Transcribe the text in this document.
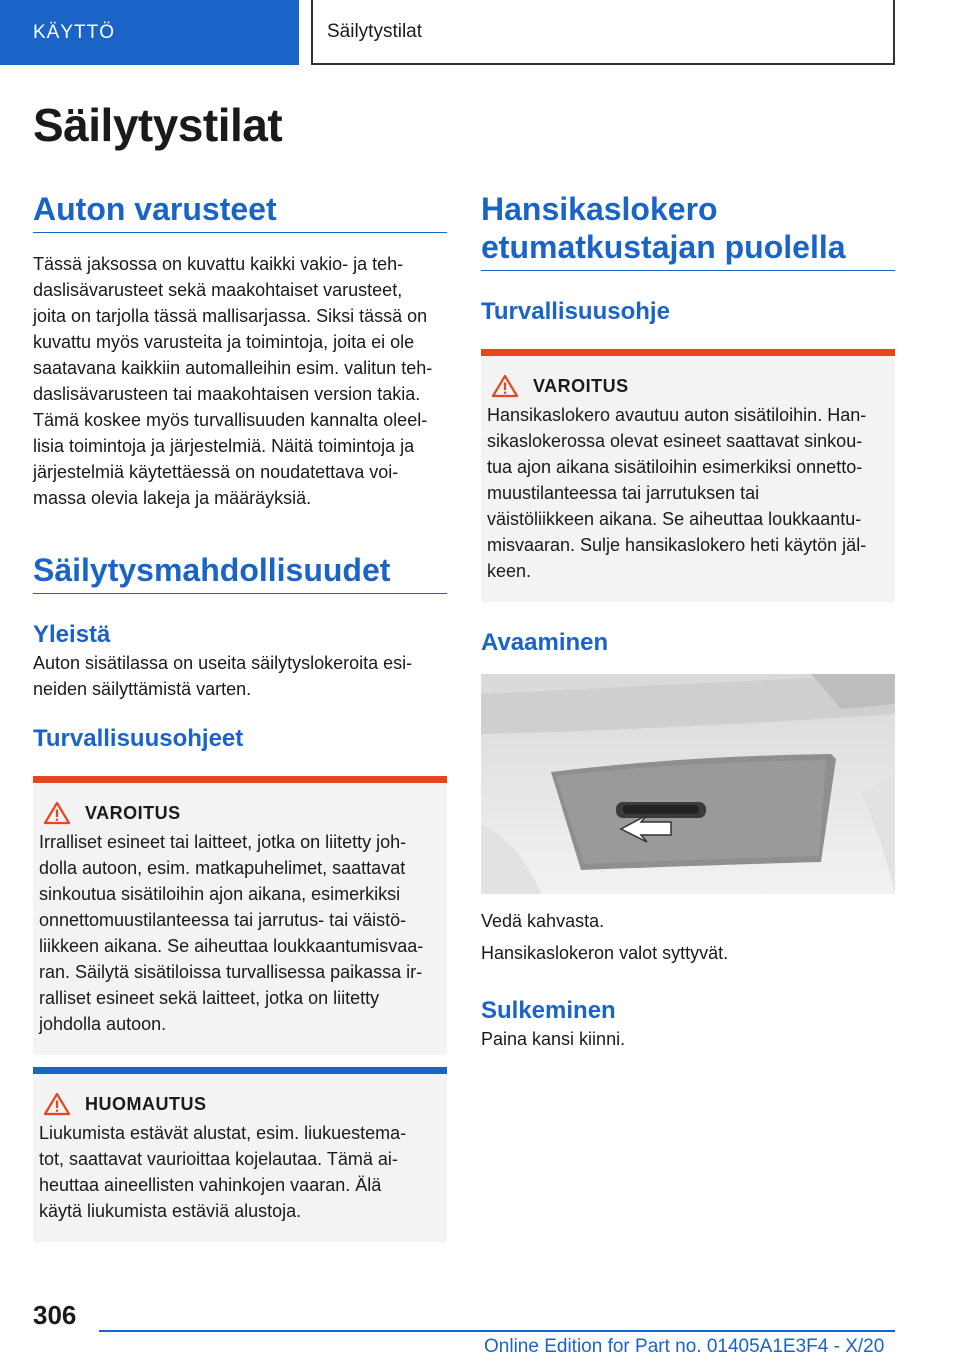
KÄYTTÖ	Säilytystilat
Säilytystilat
Auton varusteet

Tässä jaksossa on kuvattu kaikki vakio- ja teh-
daslisävarusteet sekä maakohtaiset varusteet,
joita on tarjolla tässä mallisarjassa. Siksi tässä on
kuvattu myös varusteita ja toimintoja, joita ei ole
saatavana kaikkiin automalleihin esim. valitun teh-
daslisävarusteen tai maakohtaisen version takia.
Tämä koskee myös turvallisuuden kannalta oleel-
lisia toimintoja ja järjestelmiä. Näitä toimintoja ja
järjestelmiä käytettäessä on noudatettava voi-
massa olevia lakeja ja määräyksiä.

Säilytysmahdollisuudet
Yleistä

Auton sisätilassa on useita säilytyslokeroita esi-
neiden säilyttämistä varten.

Turvallisuusohjeet
VAROITUS

Irralliset esineet tai laitteet, jotka on liitetty joh-
dolla autoon, esim. matkapuhelimet, saattavat
sinkoutua sisätiloihin ajon aikana, esimerkiksi
onnettomuustilanteessa tai jarrutus- tai väistö-
liikkeen aikana. Se aiheuttaa loukkaantumisvaa-
ran. Säilytä sisätiloissa turvallisessa paikassa ir-
ralliset esineet sekä laitteet, jotka on liitetty
johdolla autoon.

HUOMAUTUS

Liukumista estävät alustat, esim. liukuestema-
tot, saattavat vaurioittaa kojelautaa. Tämä ai-
heuttaa aineellisten vahinkojen vaaran. Älä
käytä liukumista estäviä alustoja.

Hansikaslokero
etumatkustajan puolella
Turvallisuusohje
VAROITUS

Hansikaslokero avautuu auton sisätiloihin. Han-
sikaslokerossa olevat esineet saattavat sinkou-
tua ajon aikana sisätiloihin esimerkiksi onnetto-
muustilanteessa tai jarrutuksen tai
väistöliikkeen aikana. Se aiheuttaa loukkaantu-
misvaaran. Sulje hansikaslokero heti käytön jäl-
keen.

Avaaminen

Vedä kahvasta.

Hansikaslokeron valot syttyvät.

Sulkeminen

Paina kansi kiinni.

306
Online Edition for Part no. 01405A1E3F4 - X/20
